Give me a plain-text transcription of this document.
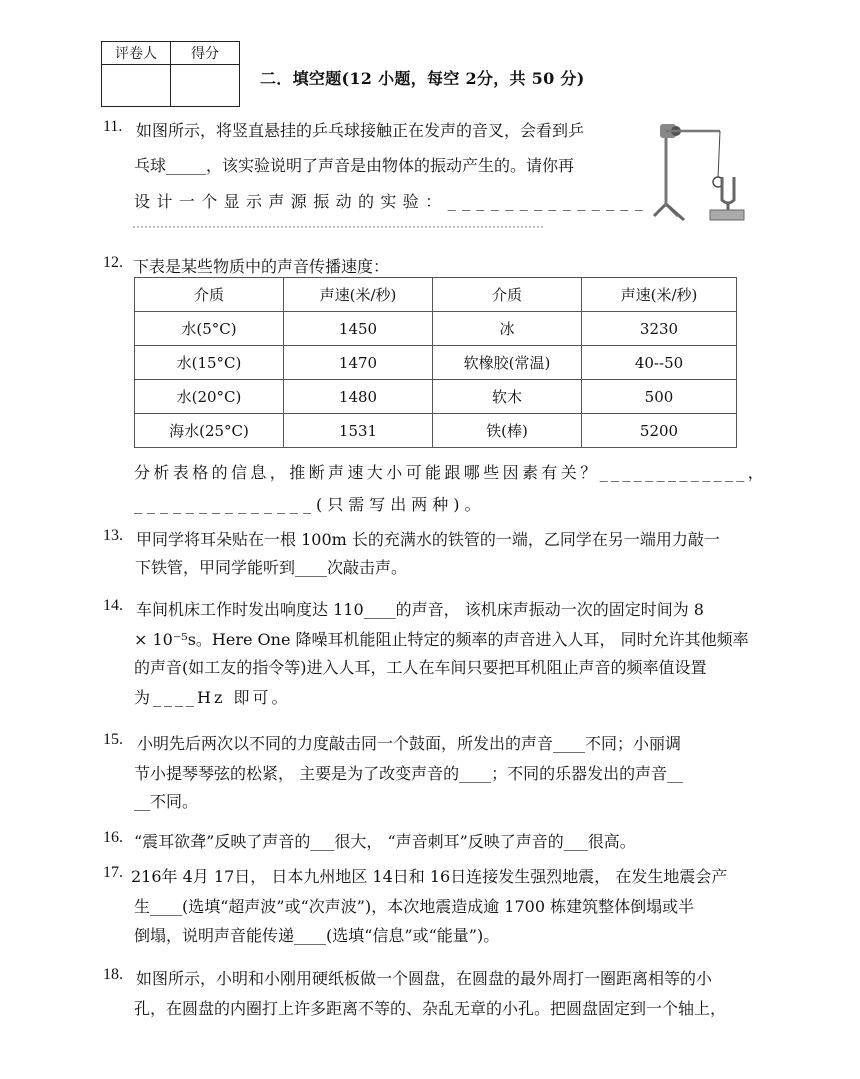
评卷人	得分

二．填空题(12 小题，每空 2分，共 50 分)
11. 如图所示，将竖直悬挂的乒乓球接触正在发声的音叉，会看到乒
乓球_____，该实验说明了声音是由物体的振动产生的。请你再
设计一个显示声源振动的实验：______________
12. 下表是某些物质中的声音传播速度：
介质	声速(米/秒)	介质	声速(米/秒)
水(5°C)	1450	冰	3230
水(15°C)	1470	软橡胶(常温)	40--50
水(20°C)	1480	软木	500
海水(25°C)	1531	铁(棒)	5200
分析表格的信息，推断声速大小可能跟哪些因素有关？_____________，
______________(只需写出两种)。
13. 甲同学将耳朵贴在一根 100m 长的充满水的铁管的一端，乙同学在另一端用力敲一
下铁管，甲同学能听到____次敲击声。
14. 车间机床工作时发出响度达 110____的声音， 该机床声振动一次的固定时间为 8
× 10⁻⁵s。Here One 降噪耳机能阻止特定的频率的声音进入人耳， 同时允许其他频率
的声音(如工友的指令等)进入人耳，工人在车间只要把耳机阻止声音的频率值设置
为____Hz 即可。
15. 小明先后两次以不同的力度敲击同一个鼓面，所发出的声音____不同；小丽调
节小提琴琴弦的松紧， 主要是为了改变声音的____；不同的乐器发出的声音__
__不同。
16. “震耳欲聋”反映了声音的___很大， “声音刺耳”反映了声音的___很高。
17. 216年 4月 17日， 日本九州地区 14日和 16日连接发生强烈地震， 在发生地震会产
生____(选填“超声波”或“次声波”)，本次地震造成逾 1700 栋建筑整体倒塌或半
倒塌，说明声音能传递____(选填“信息”或“能量”)。
18. 如图所示，小明和小刚用硬纸板做一个圆盘，在圆盘的最外周打一圈距离相等的小
孔，在圆盘的内圈打上许多距离不等的、杂乱无章的小孔。把圆盘固定到一个轴上，
